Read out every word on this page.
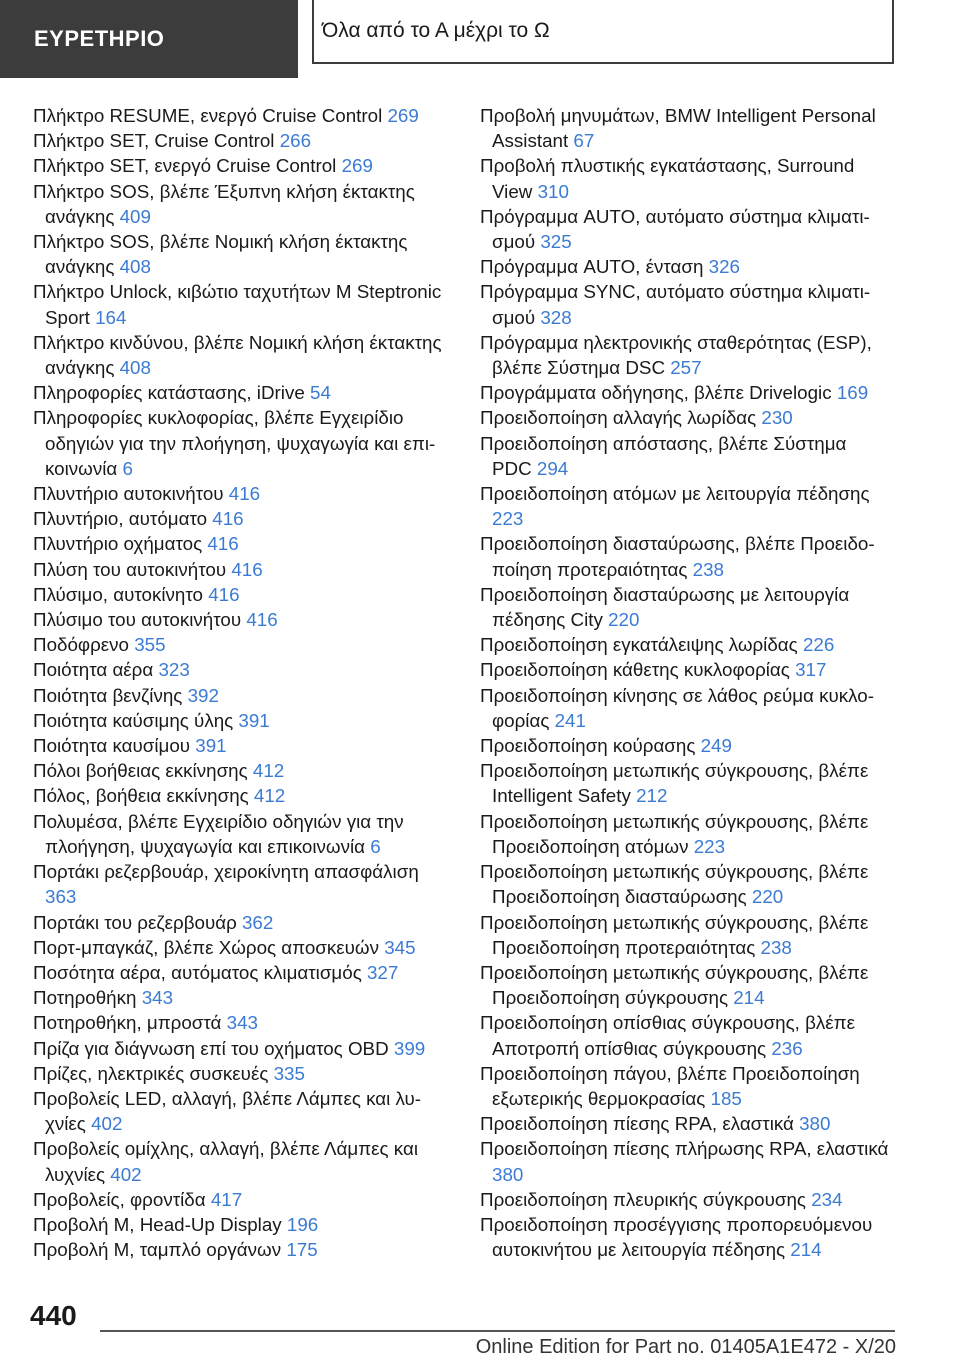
ΕΥΡΕΤΗΡΙΟ	Όλα από το Α μέχρι το Ω

Πλήκτρο RESUME, ενεργό Cruise Control 269

Πλήκτρο SET, Cruise Control 266

Πλήκτρο SET, ενεργό Cruise Control 269

Πλήκτρο SOS, βλέπε Έξυπνη κλήση έκτακτης ανάγκης 409

Πλήκτρο SOS, βλέπε Νομική κλήση έκτακτης ανάγκης 408

Πλήκτρο Unlock, κιβώτιο ταχυτήτων M Steptronic Sport 164

Πλήκτρο κινδύνου, βλέπε Νομική κλήση έκτακτης ανάγκης 408

Πληροφορίες κατάστασης, iDrive 54

Πληροφορίες κυκλοφορίας, βλέπε Εγχειρίδιο οδηγιών για την πλοήγηση, ψυχαγωγία και επικοινωνία 6

Πλυντήριο αυτοκινήτου 416

Πλυντήριο, αυτόματο 416

Πλυντήριο οχήματος 416

Πλύση του αυτοκινήτου 416

Πλύσιμο, αυτοκίνητο 416

Πλύσιμο του αυτοκινήτου 416

Ποδόφρενο 355

Ποιότητα αέρα 323

Ποιότητα βενζίνης 392

Ποιότητα καύσιμης ύλης 391

Ποιότητα καυσίμου 391

Πόλοι βοήθειας εκκίνησης 412

Πόλος, βοήθεια εκκίνησης 412

Πολυμέσα, βλέπε Εγχειρίδιο οδηγιών για την πλοήγηση, ψυχαγωγία και επικοινωνία 6

Πορτάκι ρεζερβουάρ, χειροκίνητη απασφάλιση 363

Πορτάκι του ρεζερβουάρ 362

Πορτ-μπαγκάζ, βλέπε Χώρος αποσκευών 345

Ποσότητα αέρα, αυτόματος κλιματισμός 327

Ποτηροθήκη 343

Ποτηροθήκη, μπροστά 343

Πρίζα για διάγνωση επί του οχήματος OBD 399

Πρίζες, ηλεκτρικές συσκευές 335

Προβολείς LED, αλλαγή, βλέπε Λάμπες και λυχνίες 402

Προβολείς ομίχλης, αλλαγή, βλέπε Λάμπες και λυχνίες 402

Προβολείς, φροντίδα 417

Προβολή M, Head-Up Display 196

Προβολή M, ταμπλό οργάνων 175

Προβολή μηνυμάτων, BMW Intelligent Personal Assistant 67

Προβολή πλυστικής εγκατάστασης, Surround View 310

Πρόγραμμα AUTO, αυτόματο σύστημα κλιματισμού 325

Πρόγραμμα AUTO, ένταση 326

Πρόγραμμα SYNC, αυτόματο σύστημα κλιματισμού 328

Πρόγραμμα ηλεκτρονικής σταθερότητας (ESP), βλέπε Σύστημα DSC 257

Προγράμματα οδήγησης, βλέπε Drivelogic 169

Προειδοποίηση αλλαγής λωρίδας 230

Προειδοποίηση απόστασης, βλέπε Σύστημα PDC 294

Προειδοποίηση ατόμων με λειτουργία πέδησης 223

Προειδοποίηση διασταύρωσης, βλέπε Προειδοποίηση προτεραιότητας 238

Προειδοποίηση διασταύρωσης με λειτουργία πέδησης City 220

Προειδοποίηση εγκατάλειψης λωρίδας 226

Προειδοποίηση κάθετης κυκλοφορίας 317

Προειδοποίηση κίνησης σε λάθος ρεύμα κυκλοφορίας 241

Προειδοποίηση κούρασης 249

Προειδοποίηση μετωπικής σύγκρουσης, βλέπε Intelligent Safety 212

Προειδοποίηση μετωπικής σύγκρουσης, βλέπε Προειδοποίηση ατόμων 223

Προειδοποίηση μετωπικής σύγκρουσης, βλέπε Προειδοποίηση διασταύρωσης 220

Προειδοποίηση μετωπικής σύγκρουσης, βλέπε Προειδοποίηση προτεραιότητας 238

Προειδοποίηση μετωπικής σύγκρουσης, βλέπε Προειδοποίηση σύγκρουσης 214

Προειδοποίηση οπίσθιας σύγκρουσης, βλέπε Αποτροπή οπίσθιας σύγκρουσης 236

Προειδοποίηση πάγου, βλέπε Προειδοποίηση εξωτερικής θερμοκρασίας 185

Προειδοποίηση πίεσης RPA, ελαστικά 380

Προειδοποίηση πίεσης πλήρωσης RPA, ελαστικά 380

Προειδοποίηση πλευρικής σύγκρουσης 234

Προειδοποίηση προσέγγισης προπορευόμενου αυτοκινήτου με λειτουργία πέδησης 214

440
Online Edition for Part no. 01405A1E472 - X/20
